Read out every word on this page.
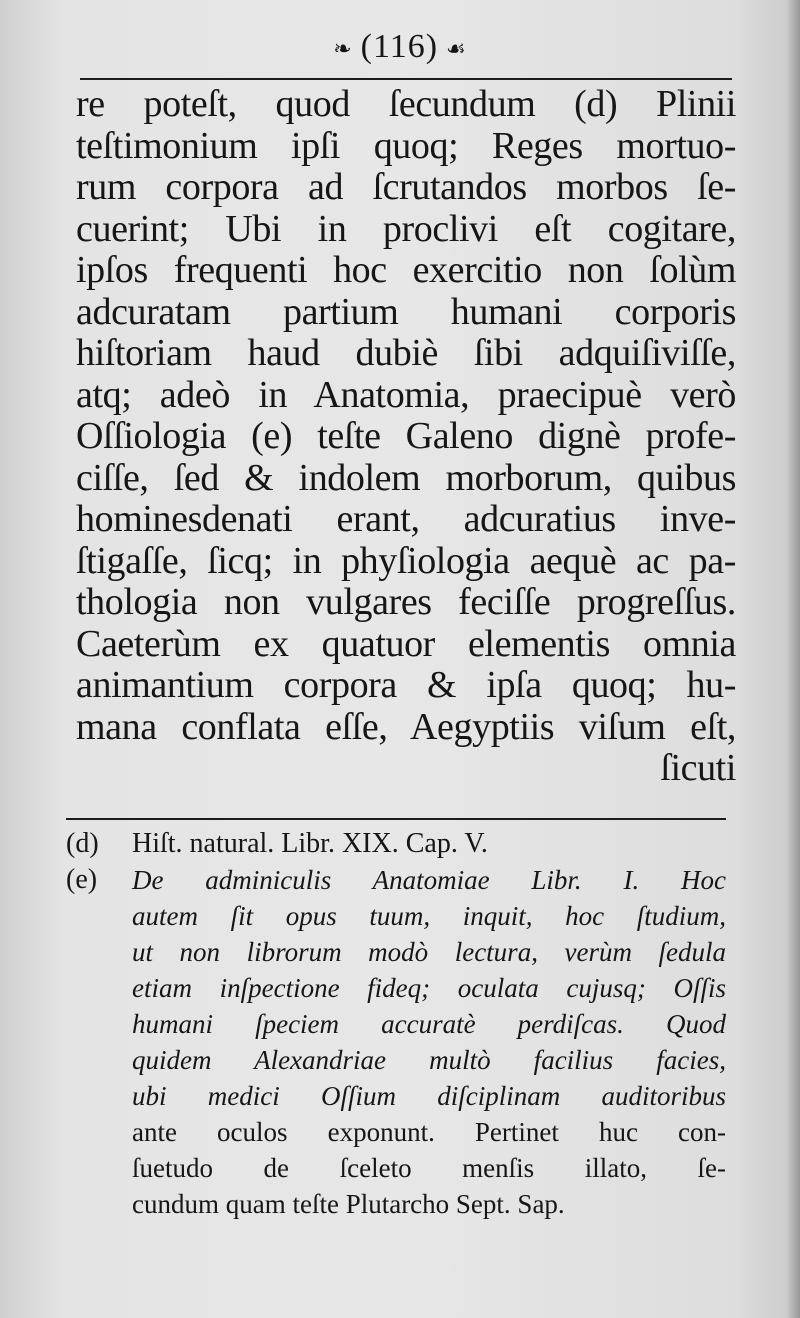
❧ (116) ☙
re poteſt, quod ſecundum (d) Plinii
teſtimonium ipſi quoq; Reges mortuo-
rum corpora ad ſcrutandos morbos ſe-
cuerint; Ubi in proclivi eſt cogitare,
ipſos frequenti hoc exercitio non ſolùm
adcuratam partium humani corporis
hiſtoriam haud dubiè ſibi adquiſiviſſe,
atq; adeò in Anatomia, praecipuè verò
Oſſiologia (e) teſte Galeno dignè profe-
ciſſe, ſed & indolem morborum, quibus
hominesdenati erant, adcuratius inve-
ſtigaſſe, ſicq; in phyſiologia aequè ac pa-
thologia non vulgares feciſſe progreſſus.
Caeterùm ex quatuor elementis omnia
animantium corpora & ipſa quoq; hu-
mana conflata eſſe, Aegyptiis viſum eſt,
ſicuti
(d)	Hiſt. natural. Libr. XIX. Cap. V.
(e)	De adminiculis Anatomiae Libr. I. Hoc
autem ſit opus tuum, inquit, hoc ſtudium,
ut non librorum modò lectura, verùm ſedula
etiam inſpectione fideq; oculata cujusq; Oſſis
humani ſpeciem accuratè perdiſcas. Quod
quidem Alexandriae multò facilius facies,
ubi medici Oſſium diſciplinam auditoribus
ante oculos exponunt. Pertinet huc con-
ſuetudo de ſceleto menſis illato, ſe-
cundum quam teſte Plutarcho Sept. Sap.
